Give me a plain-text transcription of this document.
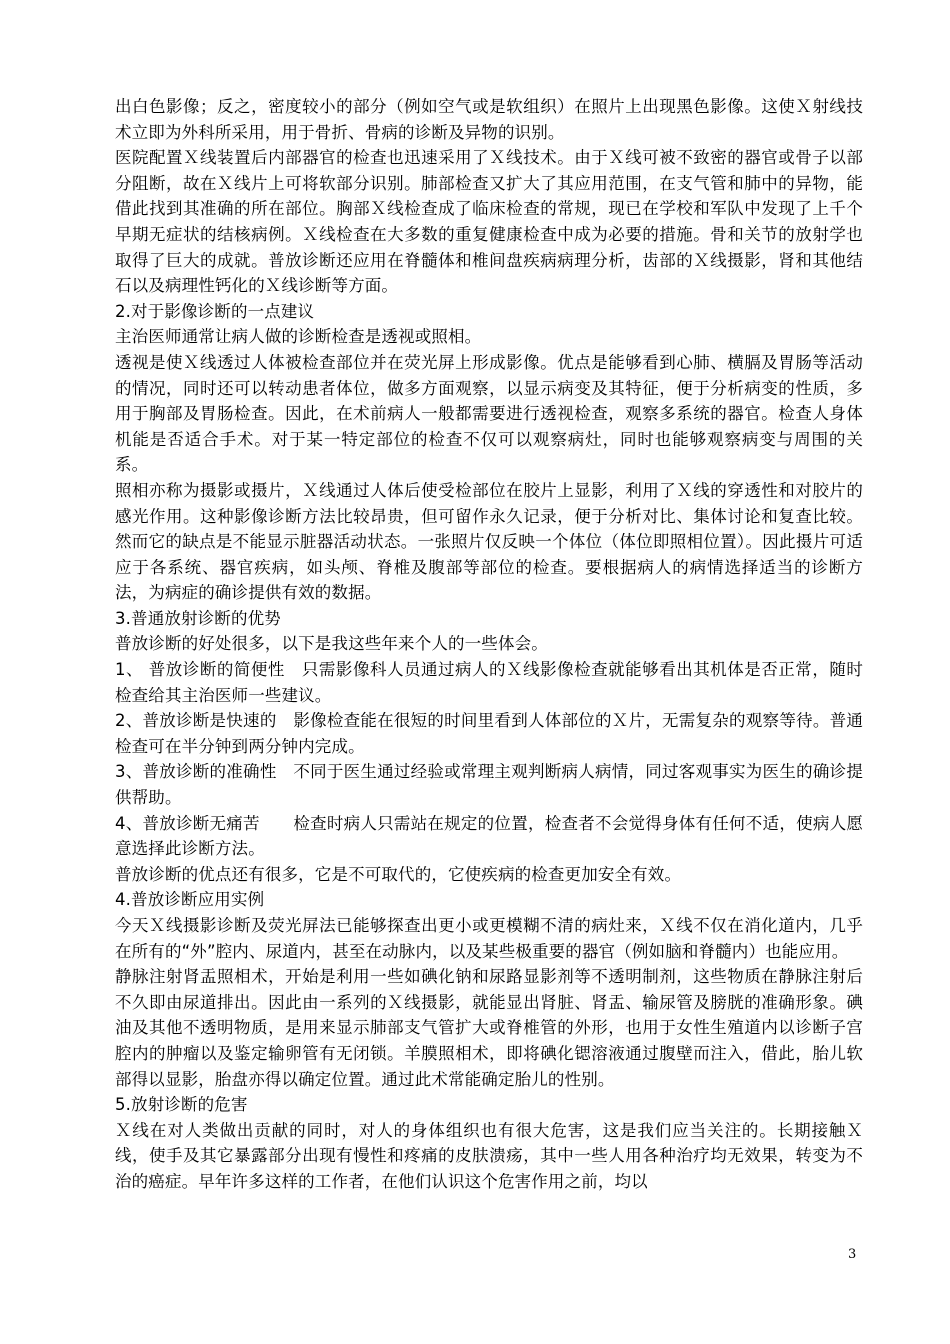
出白色影像；反之，密度较小的部分（例如空气或是软组织）在照片上出现黑色影像。这使Ｘ射线技术立即为外科所采用，用于骨折、骨病的诊断及异物的识别。

医院配置Ｘ线装置后内部器官的检查也迅速采用了Ｘ线技术。由于Ｘ线可被不致密的器官或骨子以部分阻断，故在Ｘ线片上可将软部分识别。肺部检查又扩大了其应用范围，在支气管和肺中的异物，能借此找到其准确的所在部位。胸部Ｘ线检查成了临床检查的常规，现已在学校和军队中发现了上千个早期无症状的结核病例。Ｘ线检查在大多数的重复健康检查中成为必要的措施。骨和关节的放射学也取得了巨大的成就。普放诊断还应用在脊髓体和椎间盘疾病病理分析，齿部的Ｘ线摄影，肾和其他结石以及病理性钙化的Ｘ线诊断等方面。

2.对于影像诊断的一点建议

主治医师通常让病人做的诊断检查是透视或照相。

透视是使Ｘ线透过人体被检查部位并在荧光屏上形成影像。优点是能够看到心肺、横膈及胃肠等活动的情况，同时还可以转动患者体位，做多方面观察，以显示病变及其特征，便于分析病变的性质，多用于胸部及胃肠检查。因此，在术前病人一般都需要进行透视检查，观察多系统的器官。检查人身体机能是否适合手术。对于某一特定部位的检查不仅可以观察病灶，同时也能够观察病变与周围的关系。

照相亦称为摄影或摄片，Ｘ线通过人体后使受检部位在胶片上显影，利用了Ｘ线的穿透性和对胶片的感光作用。这种影像诊断方法比较昂贵，但可留作永久记录，便于分析对比、集体讨论和复查比较。然而它的缺点是不能显示脏器活动状态。一张照片仅反映一个体位（体位即照相位置）。因此摄片可适应于各系统、器官疾病，如头颅、脊椎及腹部等部位的检查。要根据病人的病情选择适当的诊断方法，为病症的确诊提供有效的数据。

3.普通放射诊断的优势

普放诊断的好处很多，以下是我这些年来个人的一些体会。

1、 普放诊断的简便性　只需影像科人员通过病人的Ｘ线影像检查就能够看出其机体是否正常，随时检查给其主治医师一些建议。

2、普放诊断是快速的　影像检查能在很短的时间里看到人体部位的Ｘ片，无需复杂的观察等待。普通检查可在半分钟到两分钟内完成。

3、普放诊断的准确性　不同于医生通过经验或常理主观判断病人病情，同过客观事实为医生的确诊提供帮助。

4、普放诊断无痛苦　　检查时病人只需站在规定的位置，检查者不会觉得身体有任何不适，使病人愿意选择此诊断方法。

普放诊断的优点还有很多，它是不可取代的，它使疾病的检查更加安全有效。

4.普放诊断应用实例

今天Ｘ线摄影诊断及荧光屏法已能够探查出更小或更模糊不清的病灶来，Ｘ线不仅在消化道内，几乎在所有的“外”腔内、尿道内，甚至在动脉内，以及某些极重要的器官（例如脑和脊髓内）也能应用。

静脉注射肾盂照相术，开始是利用一些如碘化钠和尿路显影剂等不透明制剂，这些物质在静脉注射后不久即由尿道排出。因此由一系列的Ｘ线摄影，就能显出肾脏、肾盂、输尿管及膀胱的准确形象。碘油及其他不透明物质，是用来显示肺部支气管扩大或脊椎管的外形，也用于女性生殖道内以诊断子宫腔内的肿瘤以及鉴定输卵管有无闭锁。羊膜照相术，即将碘化锶溶液通过腹壁而注入，借此，胎儿软部得以显影，胎盘亦得以确定位置。通过此术常能确定胎儿的性别。

5.放射诊断的危害

Ｘ线在对人类做出贡献的同时，对人的身体组织也有很大危害，这是我们应当关注的。长期接触Ｘ线，使手及其它暴露部分出现有慢性和疼痛的皮肤溃疡，其中一些人用各种治疗均无效果，转变为不治的癌症。早年许多这样的工作者，在他们认识这个危害作用之前，均以

3
